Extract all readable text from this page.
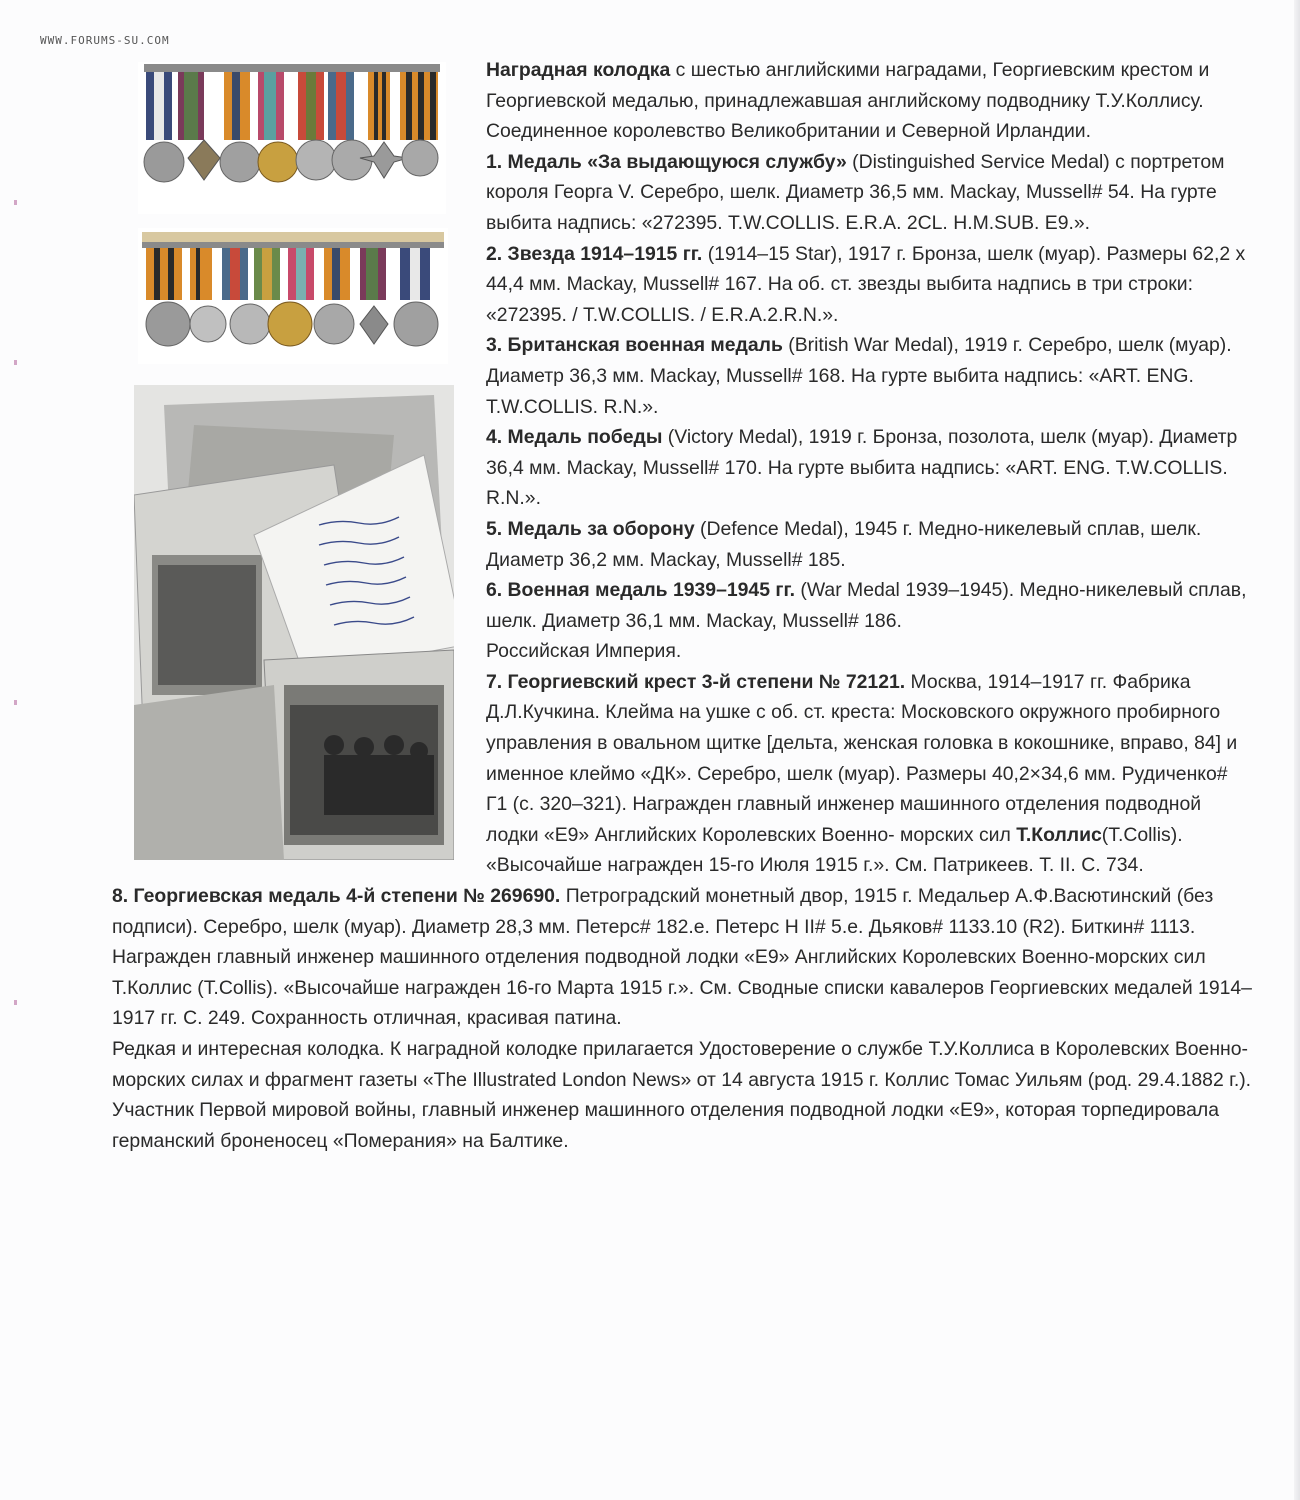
WWW.FORUMS-SU.COM

Наградная колодка с шестью английскими наградами, Георгиевским крестом и Георгиевской медалью, принадлежавшая английскому подводнику Т.У.Коллису.

Соединенное королевство Великобритании и Северной Ирландии.

1. Медаль «За выдающуюся службу» (Distinguished Service Medal) с портретом короля Георга V. Серебро, шелк. Диаметр 36,5 мм. Mackay, Mussell# 54. На гурте выбита надпись: «272395. T.W.COLLIS. E.R.A. 2CL. H.M.SUB. E9.».

2. Звезда 1914–1915 гг. (1914–15 Star), 1917 г. Бронза, шелк (муар). Размеры 62,2 х 44,4 мм. Mackay, Mussell# 167. На об. ст. звезды выбита надпись в три строки: «272395. / T.W.COLLIS. / E.R.A.2.R.N.».

3. Британская военная медаль (British War Medal), 1919 г. Серебро, шелк (муар). Диаметр 36,3 мм. Mackay, Mussell# 168. На гурте выбита надпись: «ART. ENG. T.W.COLLIS. R.N.».

4. Медаль победы (Victory Medal), 1919 г. Бронза, позолота, шелк (муар). Диаметр 36,4 мм. Mackay, Mussell# 170. На гурте выбита надпись: «ART. ENG. T.W.COLLIS. R.N.».

5. Медаль за оборону (Defence Medal), 1945 г. Медно-никелевый сплав, шелк. Диаметр 36,2 мм. Mackay, Mussell# 185.

6. Военная медаль 1939–1945 гг. (War Medal 1939–1945). Медно-никелевый сплав, шелк. Диаметр 36,1 мм. Mackay, Mussell# 186.

Российская Империя.

7. Георгиевский крест 3-й степени № 72121. Москва, 1914–1917 гг. Фабрика Д.Л.Кучкина. Клейма на ушке с об. ст. креста: Московского окружного пробирного управления в овальном щитке [дельта, женская головка в кокошнике, вправо, 84] и именное клеймо «ДК». Серебро, шелк (муар). Размеры 40,2×34,6 мм. Рудиченко# Г1 (с. 320–321). Награжден главный инженер машинного отделения подводной лодки «Е9» Английских Королевских Военно- морских сил Т.Коллис(T.Collis). «Высочайше награжден 15-го Июля 1915 г.». См. Патрикеев. Т. II. С. 734.

8. Георгиевская медаль 4-й степени № 269690. Петроградский монетный двор, 1915 г. Медальер А.Ф.Васютинский (без подписи). Серебро, шелк (муар). Диаметр 28,3 мм. Петерс# 182.е. Петерс Н II# 5.е. Дьяков# 1133.10 (R2). Биткин# 1113. Награжден главный инженер машинного отделения подводной лодки «Е9» Английских Королевских Военно-морских сил Т.Коллис (T.Collis). «Высочайше награжден 16-го Марта 1915 г.». См. Сводные списки кавалеров Георгиевских медалей 1914–1917 гг. С. 249. Сохранность отличная, красивая патина.

Редкая и интересная колодка. К наградной колодке прилагается Удостоверение о службе Т.У.Коллиса в Королевских Военно-морских силах и фрагмент газеты «The Illustrated London News» от 14 августа 1915 г. Коллис Томас Уильям (род. 29.4.1882 г.). Участник Первой мировой войны, главный инженер машинного отделения подводной лодки «Е9», которая торпедировала германский броненосец «Померания» на Балтике.
